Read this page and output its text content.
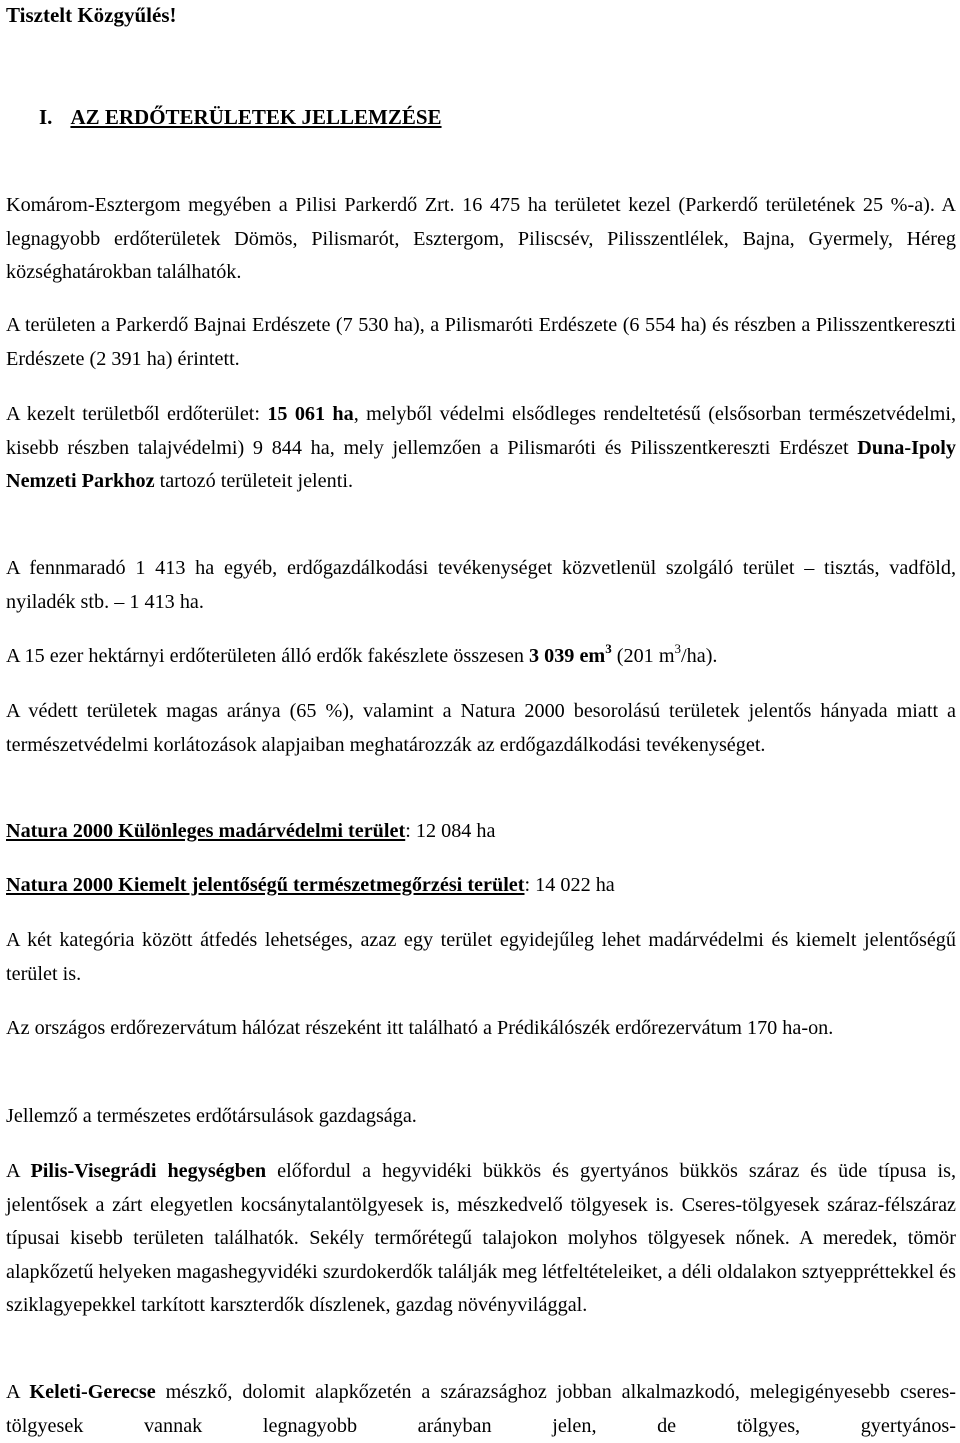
Tisztelt Közgyűlés!

I. AZ ERDŐTERÜLETEK JELLEMZÉSE

Komárom-Esztergom megyében a Pilisi Parkerdő Zrt. 16 475 ha területet kezel (Parkerdő területének 25 %-a). A legnagyobb erdőterületek Dömös, Pilismarót, Esztergom, Piliscsév, Pilisszentlélek, Bajna, Gyermely, Héreg községhatárokban találhatók.

A területen a Parkerdő Bajnai Erdészete (7 530 ha), a Pilismaróti Erdészete (6 554 ha) és részben a Pilisszentkereszti Erdészete (2 391 ha) érintett.

A kezelt területből erdőterület: 15 061 ha, melyből védelmi elsődleges rendeltetésű (elsősorban természetvédelmi, kisebb részben talajvédelmi) 9 844 ha, mely jellemzően a Pilismaróti és Pilisszentkereszti Erdészet Duna-Ipoly Nemzeti Parkhoz tartozó területeit jelenti.

A fennmaradó 1 413 ha egyéb, erdőgazdálkodási tevékenységet közvetlenül szolgáló terület – tisztás, vadföld, nyiladék stb. – 1 413 ha.

A 15 ezer hektárnyi erdőterületen álló erdők fakészlete összesen 3 039 $em^3$ (201 $m^3/ha$).

A védett területek magas aránya (65 %), valamint a Natura 2000 besorolású területek jelentős hányada miatt a természetvédelmi korlátozások alapjaiban meghatározzák az erdőgazdálkodási tevékenységet.

Natura 2000 Különleges madárvédelmi terület: 12 084 ha

Natura 2000 Kiemelt jelentőségű természetmegőrzési terület: 14 022 ha

A két kategória között átfedés lehetséges, azaz egy terület egyidejűleg lehet madárvédelmi és kiemelt jelentőségű terület is.

Az országos erdőrezervátum hálózat részeként itt található a Prédikálószék erdőrezervátum 170 ha-on.

Jellemző a természetes erdőtársulások gazdagsága.

A Pilis-Visegrádi hegységben előfordul a hegyvidéki bükkös és gyertyános bükkös száraz és üde típusa is, jelentősek a zárt elegyetlen kocsánytalantölgyesek is, mészkedvelő tölgyesek is. Cseres-tölgyesek száraz-félszáraz típusai kisebb területen találhatók. Sekély termőrétegű talajokon molyhos tölgyesek nőnek. A meredek, tömör alapkőzetű helyeken magashegyvidéki szurdokerdők találják meg létfeltételeiket, a déli oldalakon sztyeppréttekkel és sziklagyepekkel tarkított karszterdők díszlenek, gazdag növényvilággal.

A Keleti-Gerecse mészkő, dolomit alapkőzetén a szárazsághoz jobban alkalmazkodó, melegigényesebb cseres-tölgyesek vannak legnagyobb arányban jelen, de tölgyes, gyertyános-
